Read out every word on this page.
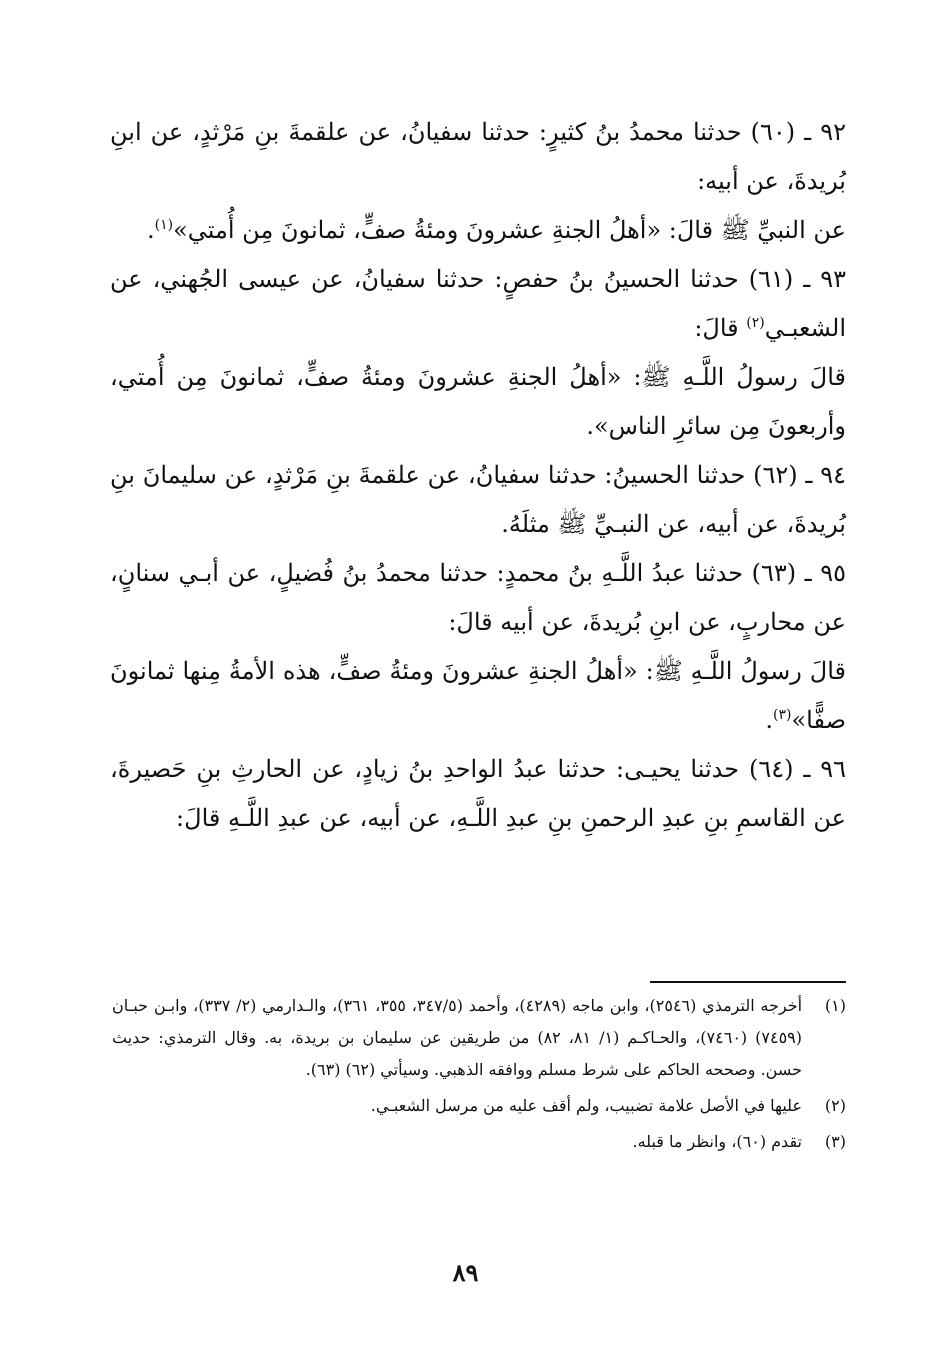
٩٢ ـ (٦٠) حدثنا محمدُ بنُ كثيرٍ: حدثنا سفيانُ، عن علقمةَ بنِ مَرْثدٍ، عن ابنِ بُريدةَ، عن أبيه:

عن النبيِّ ﷺ قالَ: «أهلُ الجنةِ عشرونَ ومئةُ صفٍّ، ثمانونَ مِن أُمتي»$^{(١)}$.

٩٣ ـ (٦١) حدثنا الحسينُ بنُ حفصٍ: حدثنا سفيانُ، عن عيسى الجُهني، عن الشعبـي$^{(٢)}$ قالَ:

قالَ رسولُ اللَّـهِ ﷺ: «أهلُ الجنةِ عشرونَ ومئةُ صفٍّ، ثمانونَ مِن أُمتي، وأربعونَ مِن سائرِ الناس».

٩٤ ـ (٦٢) حدثنا الحسينُ: حدثنا سفيانُ، عن علقمةَ بنِ مَرْثدٍ، عن سليمانَ بنِ بُريدةَ، عن أبيه، عن النبـيِّ ﷺ مثلَهُ.

٩٥ ـ (٦٣) حدثنا عبدُ اللَّـهِ بنُ محمدٍ: حدثنا محمدُ بنُ فُضيلٍ، عن أبـي سنانٍ، عن محاربٍ، عن ابنِ بُريدةَ، عن أبيه قالَ:

قالَ رسولُ اللَّـهِ ﷺ: «أهلُ الجنةِ عشرونَ ومئةُ صفٍّ، هذه الأمةُ مِنها ثمانونَ صفًّا»$^{(٣)}$.

٩٦ ـ (٦٤) حدثنا يحيـى: حدثنا عبدُ الواحدِ بنُ زيادٍ، عن الحارثِ بنِ حَصيرةَ، عن القاسمِ بنِ عبدِ الرحمنِ بنِ عبدِ اللَّـهِ، عن أبيه، عن عبدِ اللَّـهِ قالَ:

(١)
أخرجه الترمذي (٢٥٤٦)، وابن ماجه (٤٢٨٩)، وأحمد (٣٤٧/٥، ٣٥٥، ٣٦١)، والـدارمي (٢/ ٣٣٧)، وابـن حبـان (٧٤٥٩) (٧٤٦٠)، والحـاكـم (١/ ٨١، ٨٢) من طريقين عن سليمان بن بريدة، به. وقال الترمذي: حديث حسن. وصححه الحاكم على شرط مسلم ووافقه الذهبي. وسيأتي (٦٢) (٦٣).
(٢)
عليها في الأصل علامة تضبيب، ولم أقف عليه من مرسل الشعبـي.
(٣)
تقدم (٦٠)، وانظر ما قبله.
٨٩
